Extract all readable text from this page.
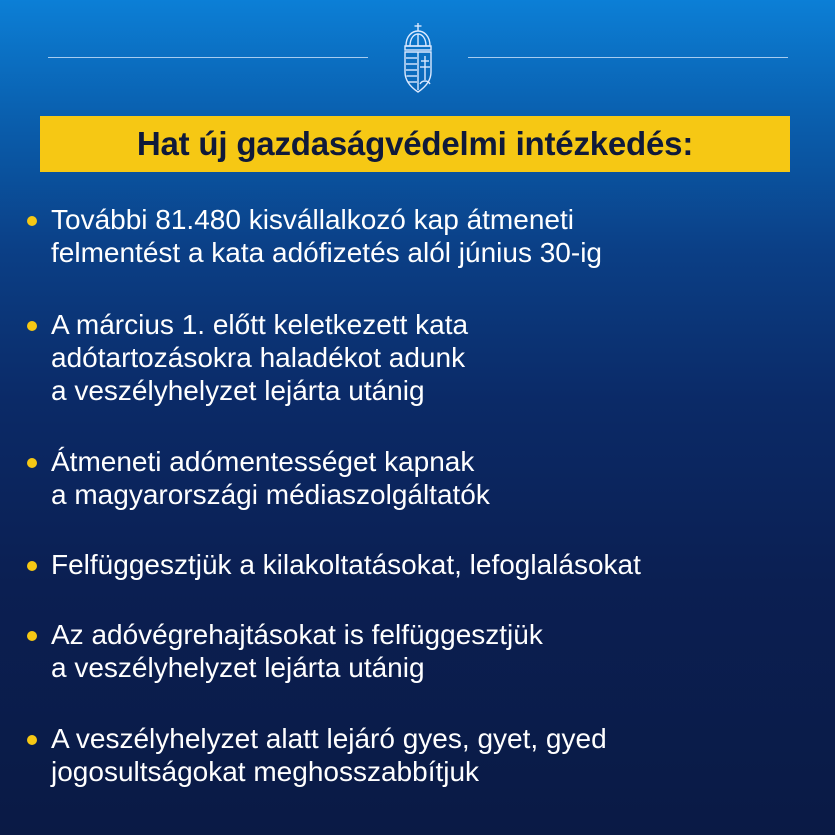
Hat új gazdaságvédelmi intézkedés:
További 81.480 kisvállalkozó kap átmeneti
felmentést a kata adófizetés alól június 30-ig
A március 1. előtt keletkezett kata
adótartozásokra haladékot adunk
a veszélyhelyzet lejárta utánig
Átmeneti adómentességet kapnak
a magyarországi médiaszolgáltatók
Felfüggesztjük a kilakoltatásokat, lefoglalásokat
Az adóvégrehajtásokat is felfüggesztjük
a veszélyhelyzet lejárta utánig
A veszélyhelyzet alatt lejáró gyes, gyet, gyed
jogosultságokat meghosszabbítjuk
